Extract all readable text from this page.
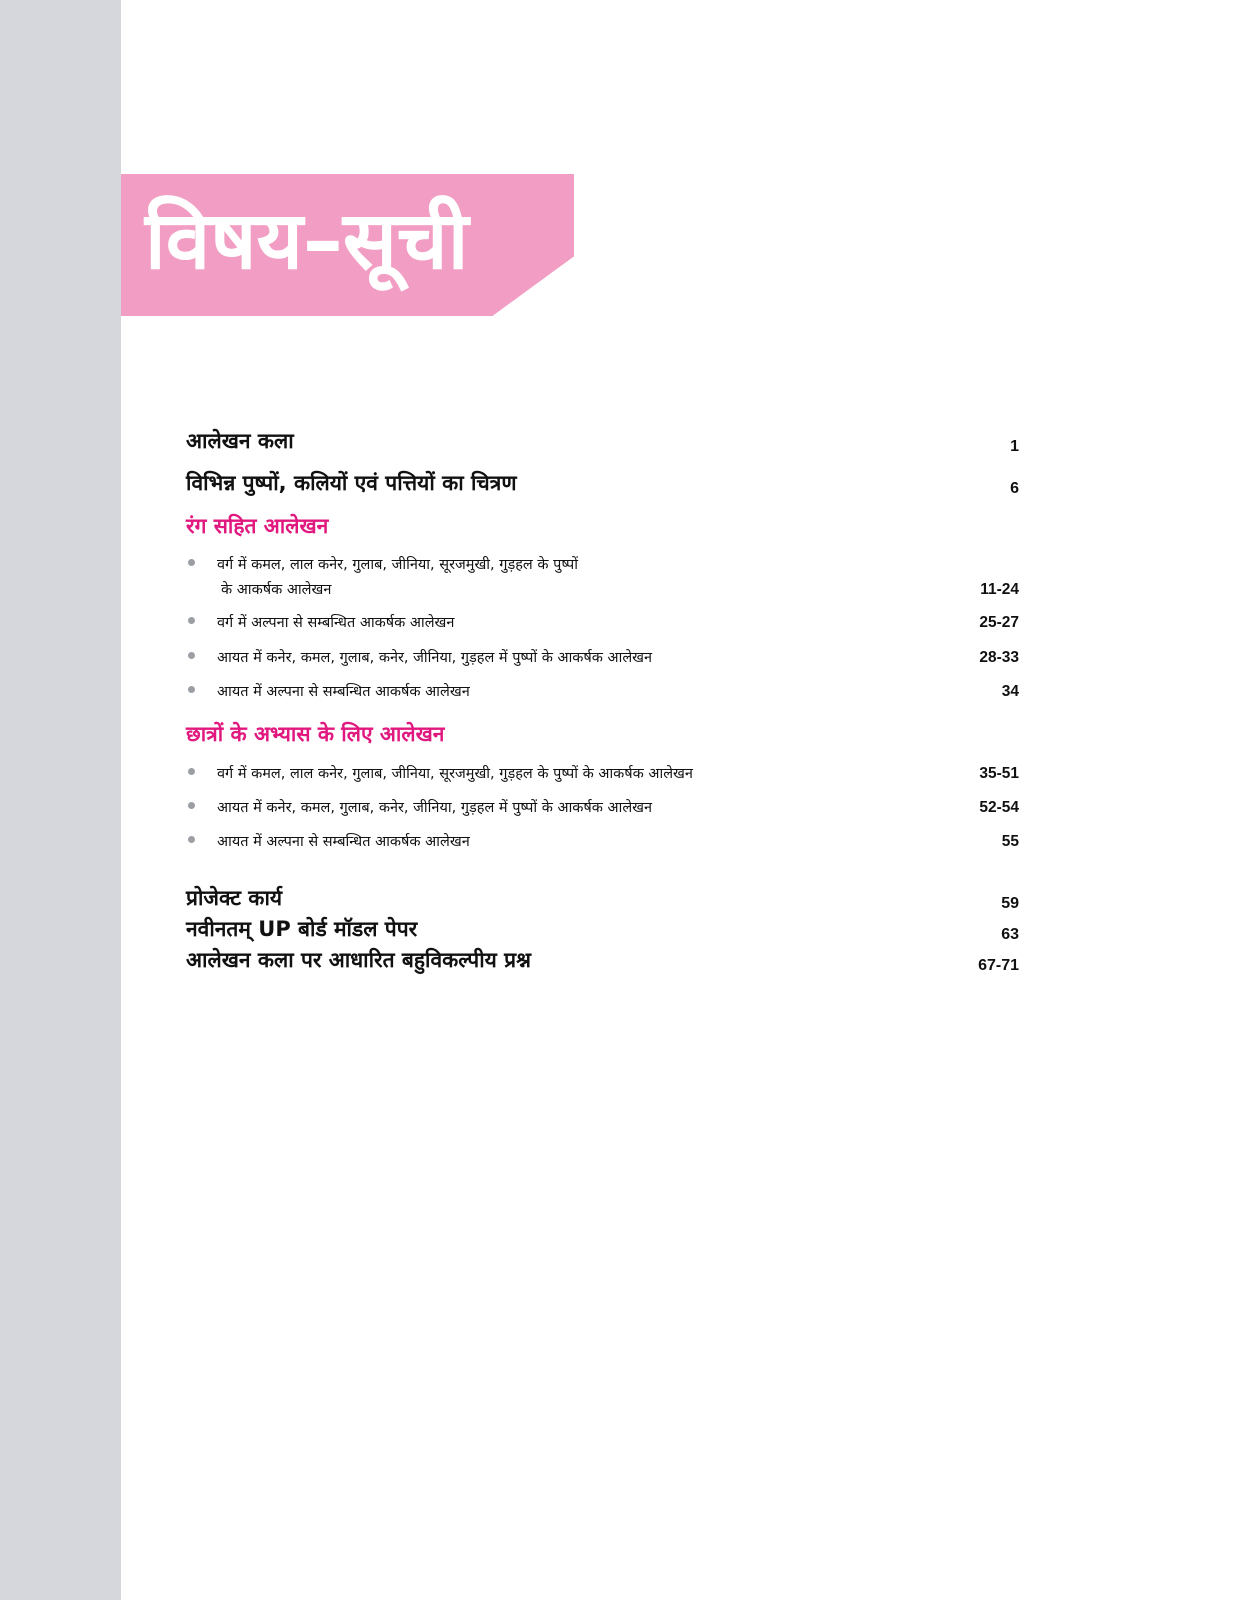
विषय–सूची
आलेखन कला	1
विभिन्न पुष्पों, कलियों एवं पत्तियों का चित्रण	6
रंग सहित आलेखन
वर्ग में कमल, लाल कनेर, गुलाब, जीनिया, सूरजमुखी, गुड़हल के पुष्पों
के आकर्षक आलेखन	11-24
वर्ग में अल्पना से सम्बन्धित आकर्षक आलेखन	25-27
आयत में कनेर, कमल, गुलाब, कनेर, जीनिया, गुड़हल में पुष्पों के आकर्षक आलेखन	28-33
आयत में अल्पना से सम्बन्धित आकर्षक आलेखन	34
छात्रों के अभ्यास के लिए आलेखन
वर्ग में कमल, लाल कनेर, गुलाब, जीनिया, सूरजमुखी, गुड़हल के पुष्पों के आकर्षक आलेखन	35-51
आयत में कनेर, कमल, गुलाब, कनेर, जीनिया, गुड़हल में पुष्पों के आकर्षक आलेखन	52-54
आयत में अल्पना से सम्बन्धित आकर्षक आलेखन	55
प्रोजेक्ट कार्य	59
नवीनतम् UP बोर्ड मॉडल पेपर	63
आलेखन कला पर आधारित बहुविकल्पीय प्रश्न	67-71
